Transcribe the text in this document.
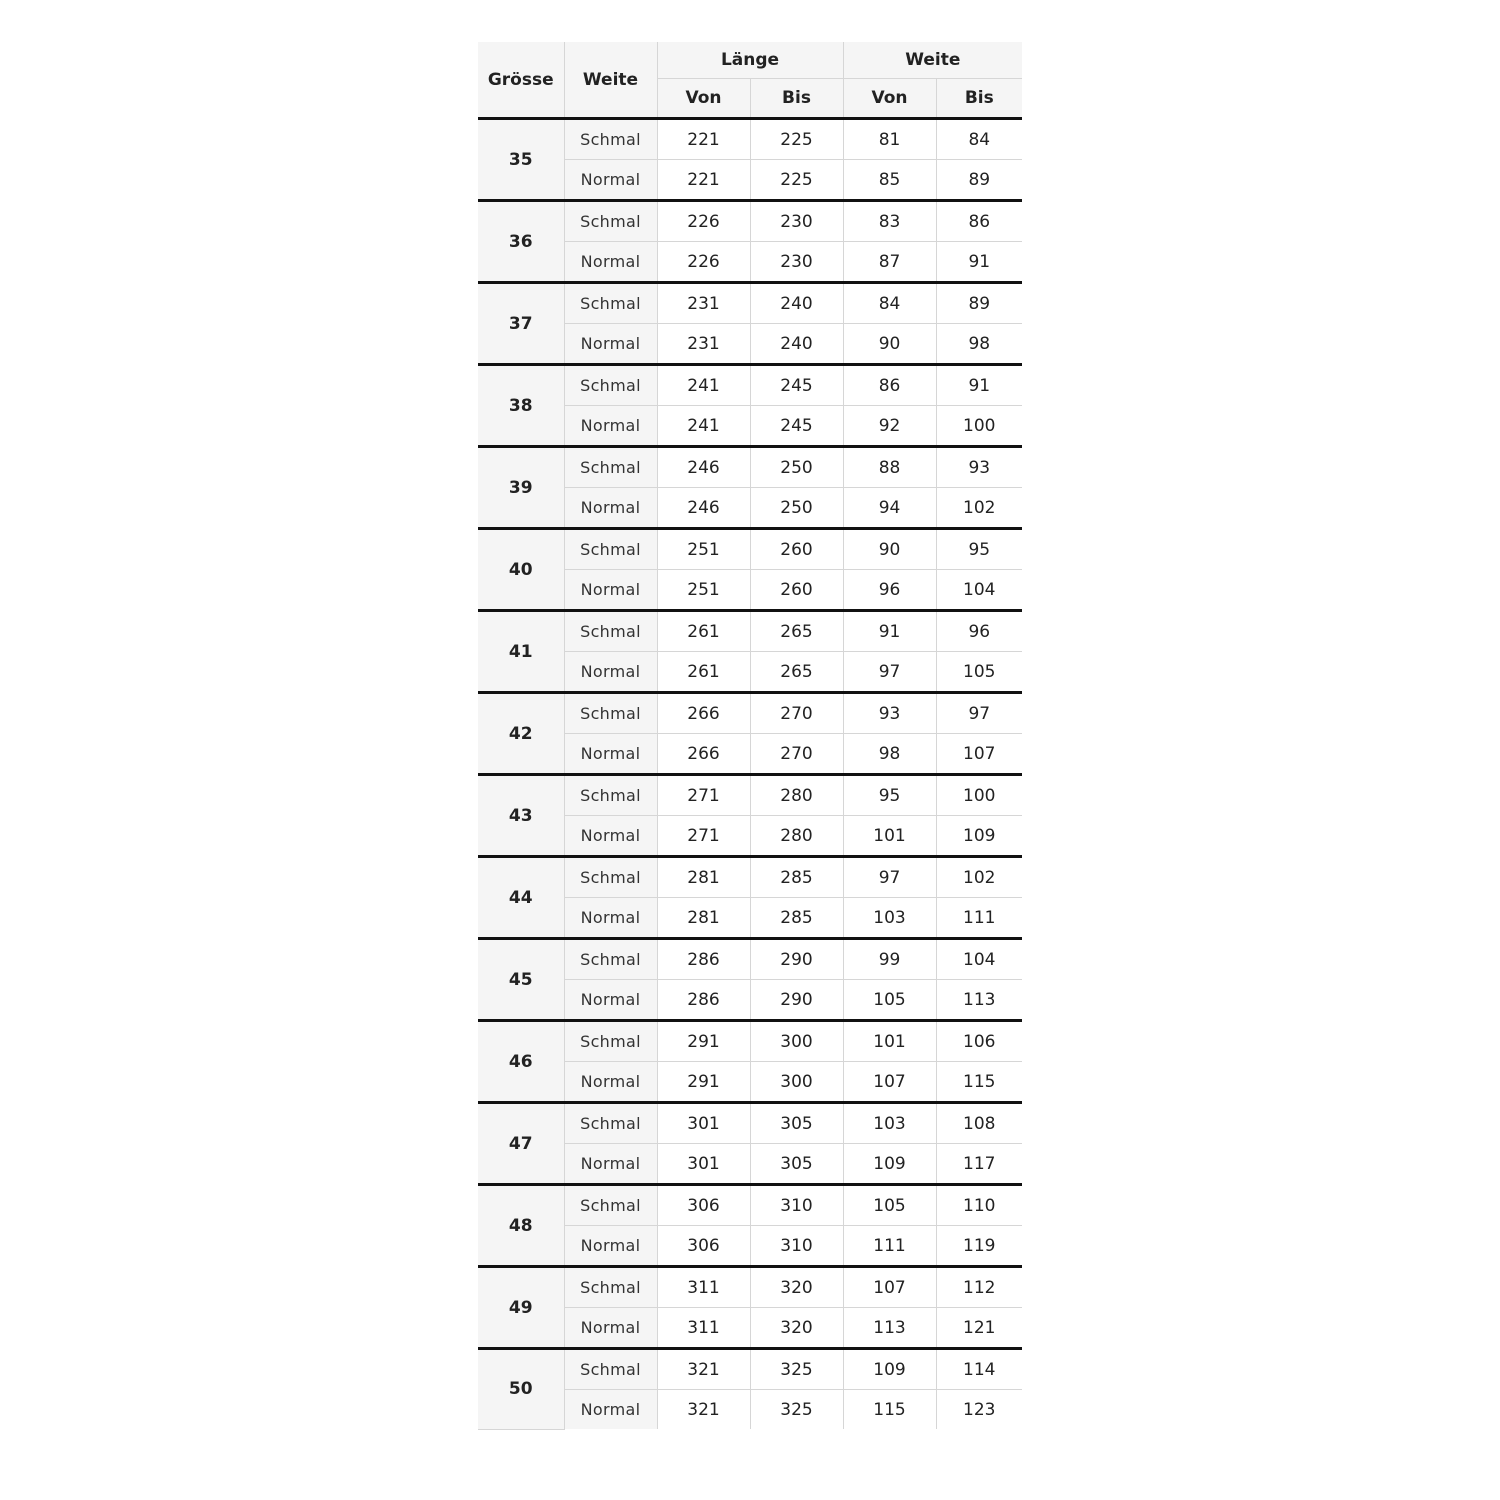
Grösse	Weite	Länge		Weite	
		Von	Bis	Von	Bis
35	Schmal	221	225	81	84
	Normal	221	225	85	89
36	Schmal	226	230	83	86
	Normal	226	230	87	91
37	Schmal	231	240	84	89
	Normal	231	240	90	98
38	Schmal	241	245	86	91
	Normal	241	245	92	100
39	Schmal	246	250	88	93
	Normal	246	250	94	102
40	Schmal	251	260	90	95
	Normal	251	260	96	104
41	Schmal	261	265	91	96
	Normal	261	265	97	105
42	Schmal	266	270	93	97
	Normal	266	270	98	107
43	Schmal	271	280	95	100
	Normal	271	280	101	109
44	Schmal	281	285	97	102
	Normal	281	285	103	111
45	Schmal	286	290	99	104
	Normal	286	290	105	113
46	Schmal	291	300	101	106
	Normal	291	300	107	115
47	Schmal	301	305	103	108
	Normal	301	305	109	117
48	Schmal	306	310	105	110
	Normal	306	310	111	119
49	Schmal	311	320	107	112
	Normal	311	320	113	121
50	Schmal	321	325	109	114
	Normal	321	325	115	123
